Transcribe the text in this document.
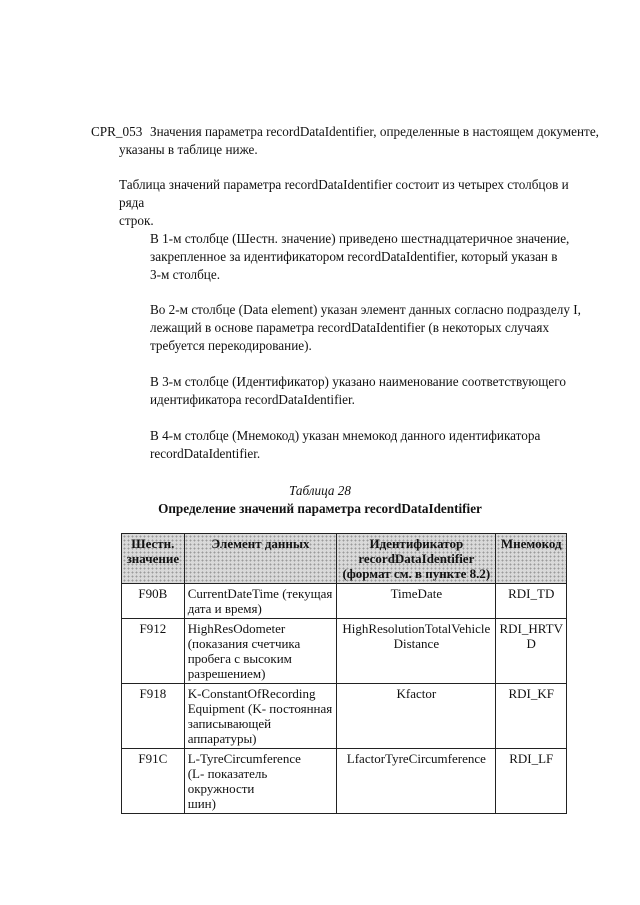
CPR_053 Значения параметра recordDataIdentifier, определенные в настоящем документе,
указаны в таблице ниже.
Таблица значений параметра recordDataIdentifier состоит из четырех столбцов и ряда
строк.
В 1-м столбце (Шестн. значение) приведено шестнадцатеричное значение,
закрепленное за идентификатором recordDataIdentifier, который указан в
3-м столбце.
Во 2-м столбце (Data element) указан элемент данных согласно подразделу I,
лежащий в основе параметра recordDataIdentifier (в некоторых случаях
требуется перекодирование).
В 3-м столбце (Идентификатор) указано наименование соответствующего
идентификатора recordDataIdentifier.
В 4-м столбце (Мнемокод) указан мнемокод данного идентификатора
recordDataIdentifier.
Таблица 28
Определение значений параметра recordDataIdentifier
Шестн.
значение	Элемент данных	Идентификатор
recordDataIdentifier
(формат см. в пункте 8.2)	Мнемокод
F90B	CurrentDateTime (текущая
дата и время)	TimeDate	RDI_TD
F912	HighResOdometer
(показания счетчика
пробега с высоким
разрешением)	HighResolutionTotalVehicle
Distance	RDI_HRTV
D
F918	K-ConstantOfRecording
Equipment (K- постоянная
записывающей аппаратуры)	Kfactor	RDI_KF
F91C	L-TyreCircumference
(L- показатель окружности
шин)	LfactorTyreCircumference	RDI_LF
